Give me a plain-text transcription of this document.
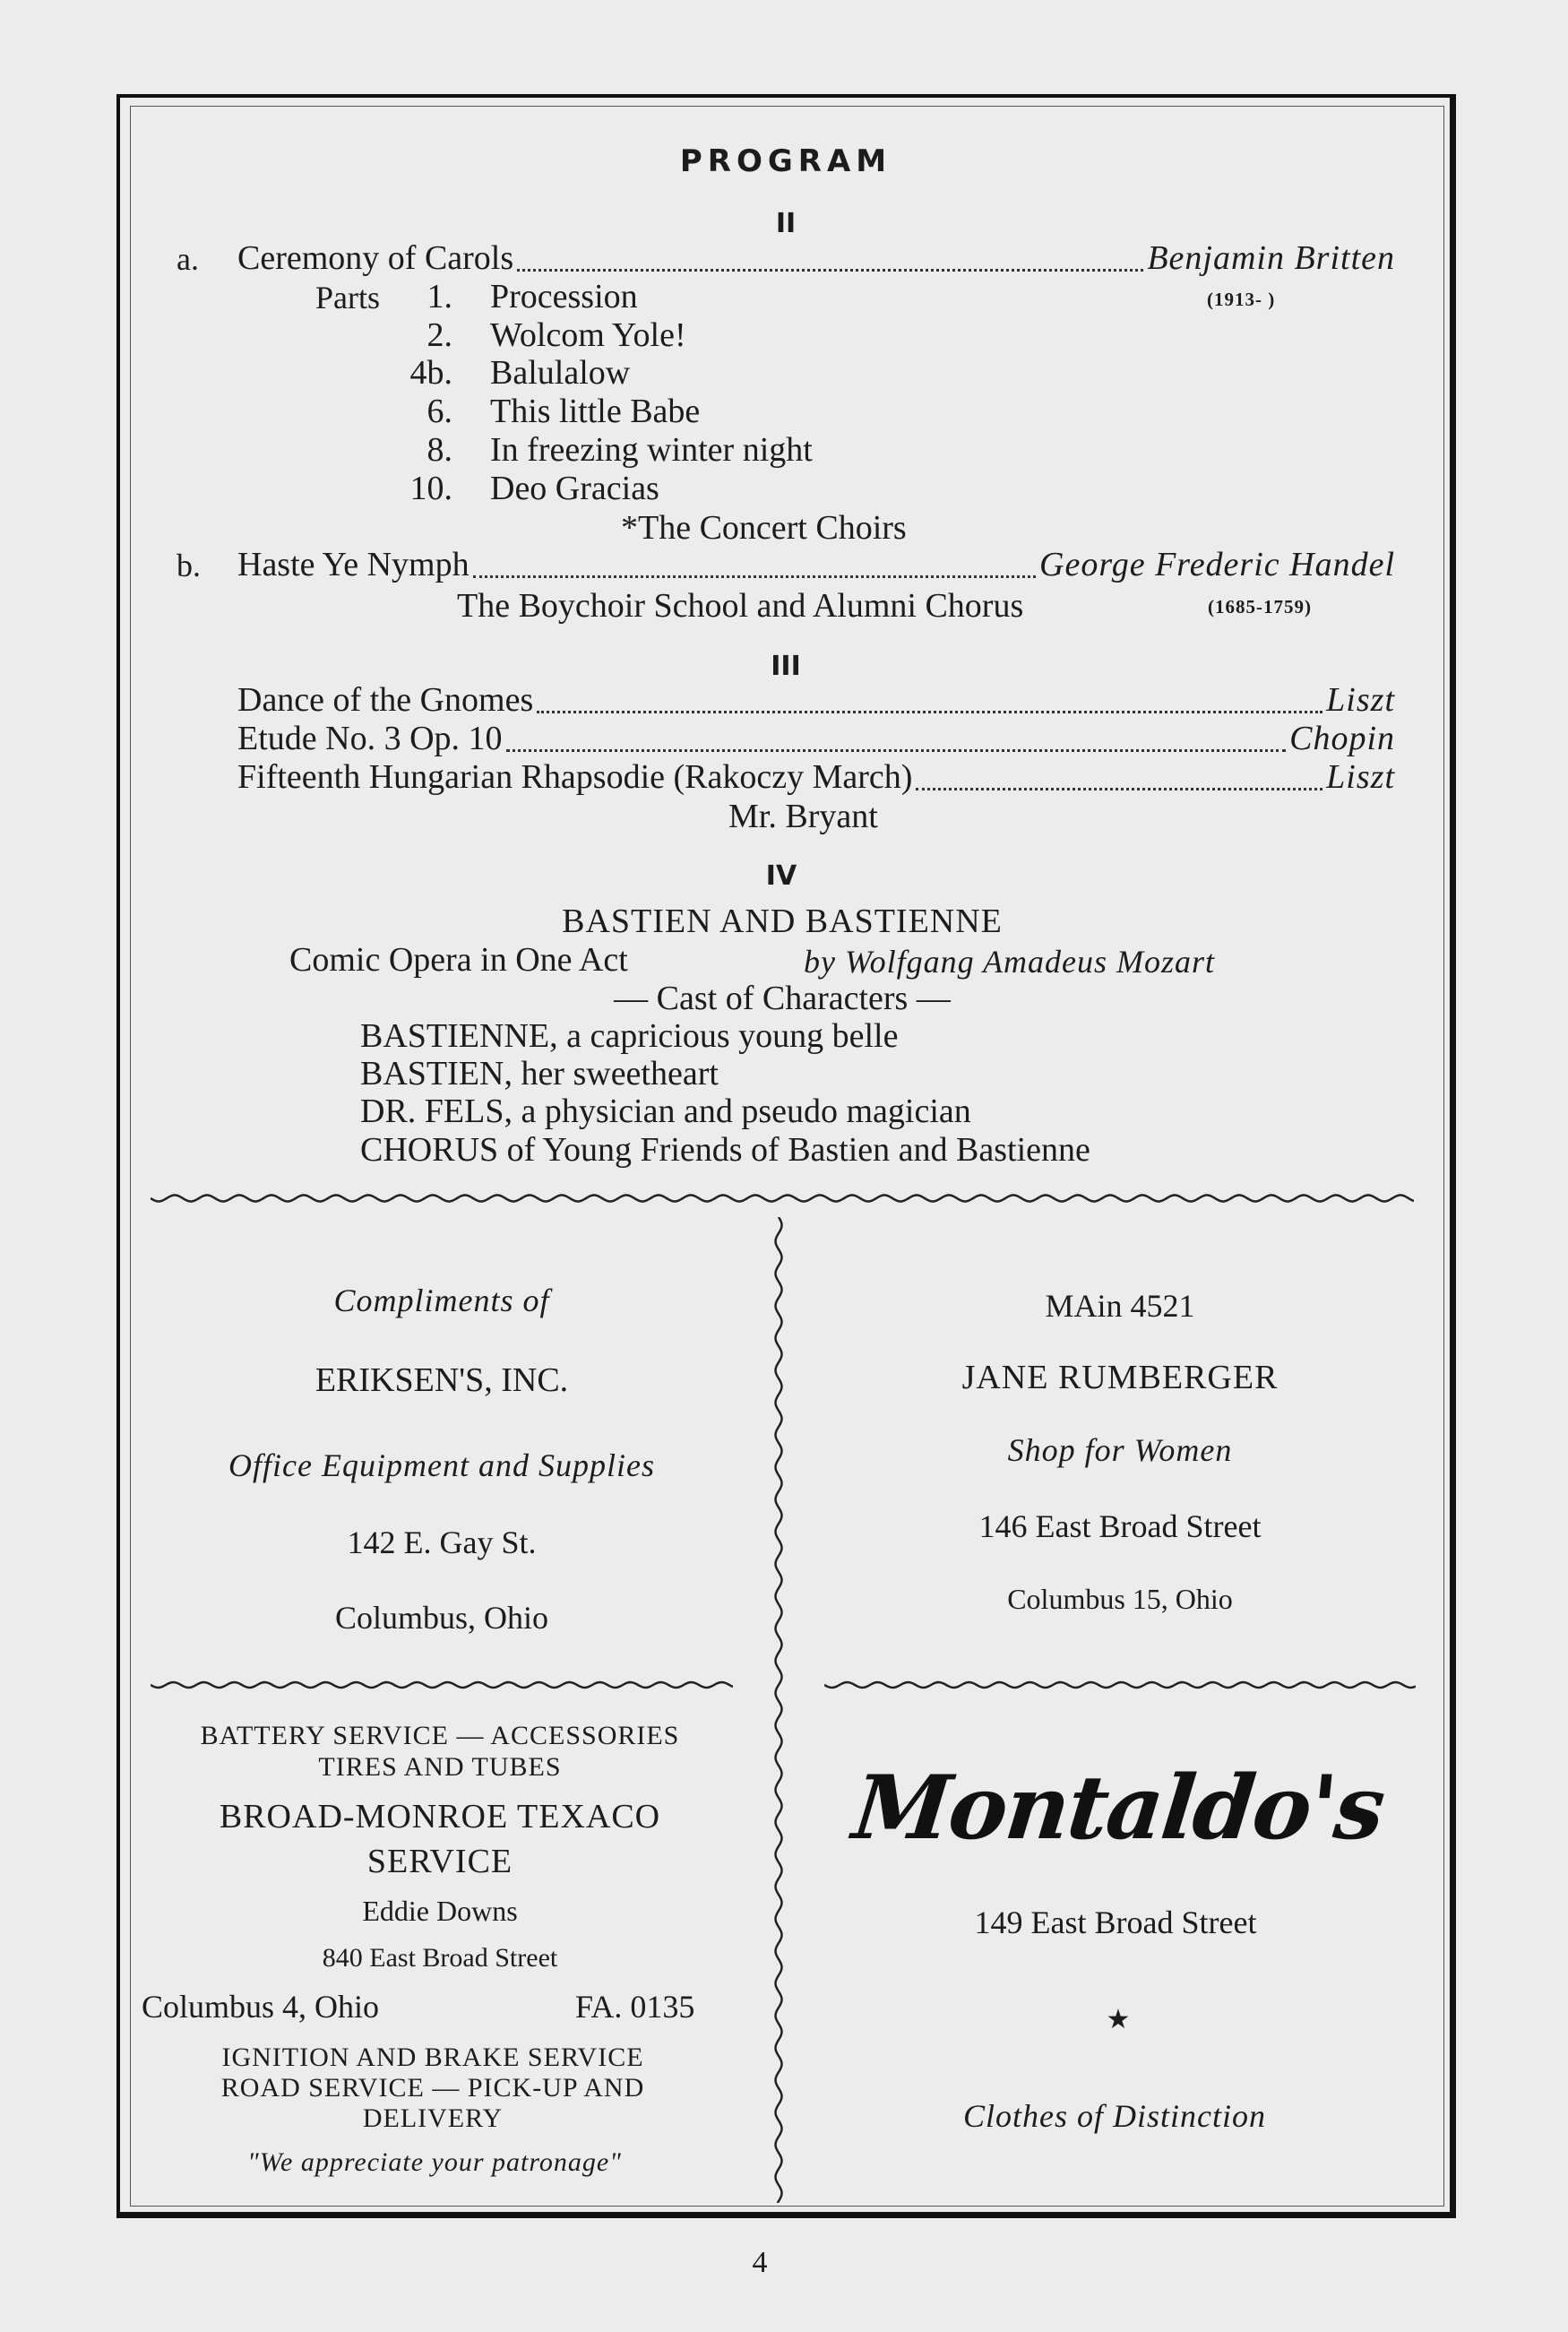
PROGRAM
II
a. Ceremony of Carols	Benjamin Britten
(1913- )
Parts	1. Procession
2. Wolcom Yole!
4b. Balulalow
6. This little Babe
8. In freezing winter night
10. Deo Gracias
*The Concert Choirs
b. Haste Ye Nymph	George Frederic Handel
The Boychoir School and Alumni Chorus	(1685-1759)
III
Dance of the Gnomes	Liszt
Etude No. 3 Op. 10	Chopin
Fifteenth Hungarian Rhapsodie (Rakoczy March)	Liszt
Mr. Bryant
IV
BASTIEN AND BASTIENNE
Comic Opera in One Act	by Wolfgang Amadeus Mozart
— Cast of Characters —
BASTIENNE, a capricious young belle
BASTIEN, her sweetheart
DR. FELS, a physician and pseudo magician
CHORUS of Young Friends of Bastien and Bastienne
Compliments of
ERIKSEN'S, INC.
Office Equipment and Supplies
142 E. Gay St.
Columbus, Ohio
MAin 4521
JANE RUMBERGER
Shop for Women
146 East Broad Street
Columbus 15, Ohio
BATTERY SERVICE — ACCESSORIES
TIRES AND TUBES
BROAD-MONROE TEXACO
SERVICE
Eddie Downs
840 East Broad Street
Columbus 4, Ohio	FA. 0135
IGNITION AND BRAKE SERVICE
ROAD SERVICE — PICK-UP AND
DELIVERY
"We appreciate your patronage"
Montaldo's
149 East Broad Street
★
Clothes of Distinction
4
